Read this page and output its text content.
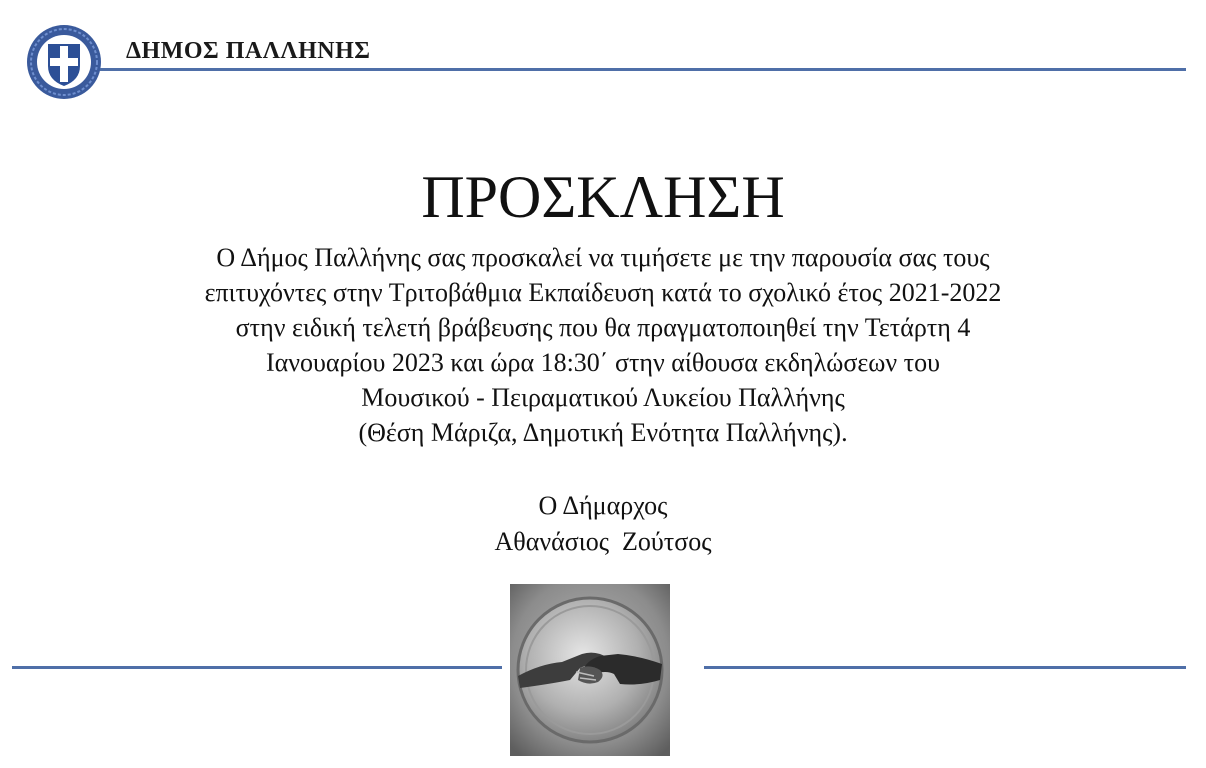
ΔΗΜΟΣ ΠΑΛΛΗΝΗΣ
ΠΡΟΣΚΛΗΣΗ
Ο Δήμος Παλλήνης σας προσκαλεί να τιμήσετε με την παρουσία σας τους
επιτυχόντες στην Τριτοβάθμια Εκπαίδευση κατά το σχολικό έτος 2021-2022
στην ειδική τελετή βράβευσης που θα πραγματοποιηθεί την Τετάρτη 4
Ιανουαρίου 2023 και ώρα 18:30΄ στην αίθουσα εκδηλώσεων του
Μουσικού - Πειραματικού Λυκείου Παλλήνης
(Θέση Μάριζα, Δημοτική Ενότητα Παλλήνης).
Ο Δήμαρχος
Αθανάσιος  Ζούτσος
